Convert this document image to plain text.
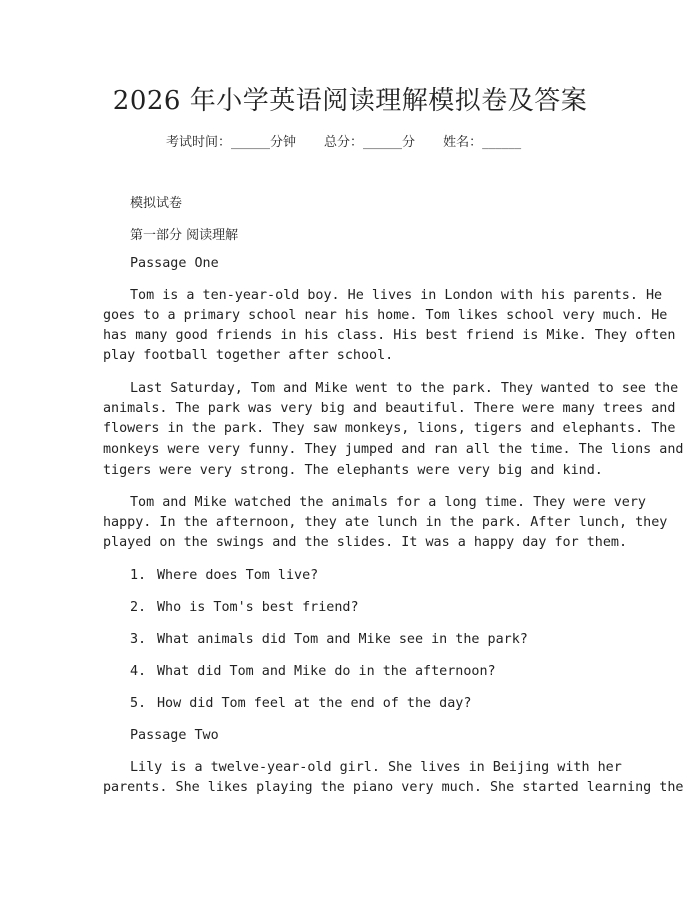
2026 年小学英语阅读理解模拟卷及答案
考试时间：______分钟 总分：______分 姓名：______
模拟试卷
第一部分 阅读理解
Passage One
Tom is a ten-year-old boy. He lives in London with his parents. He
goes to a primary school near his home. Tom likes school very much. He
has many good friends in his class. His best friend is Mike. They often
play football together after school.
Last Saturday, Tom and Mike went to the park. They wanted to see the
animals. The park was very big and beautiful. There were many trees and
flowers in the park. They saw monkeys, lions, tigers and elephants. The
monkeys were very funny. They jumped and ran all the time. The lions and
tigers were very strong. The elephants were very big and kind.
Tom and Mike watched the animals for a long time. They were very
happy. In the afternoon, they ate lunch in the park. After lunch, they
played on the swings and the slides. It was a happy day for them.
1. Where does Tom live?
2. Who is Tom's best friend?
3. What animals did Tom and Mike see in the park?
4. What did Tom and Mike do in the afternoon?
5. How did Tom feel at the end of the day?
Passage Two
Lily is a twelve-year-old girl. She lives in Beijing with her
parents. She likes playing the piano very much. She started learning the
